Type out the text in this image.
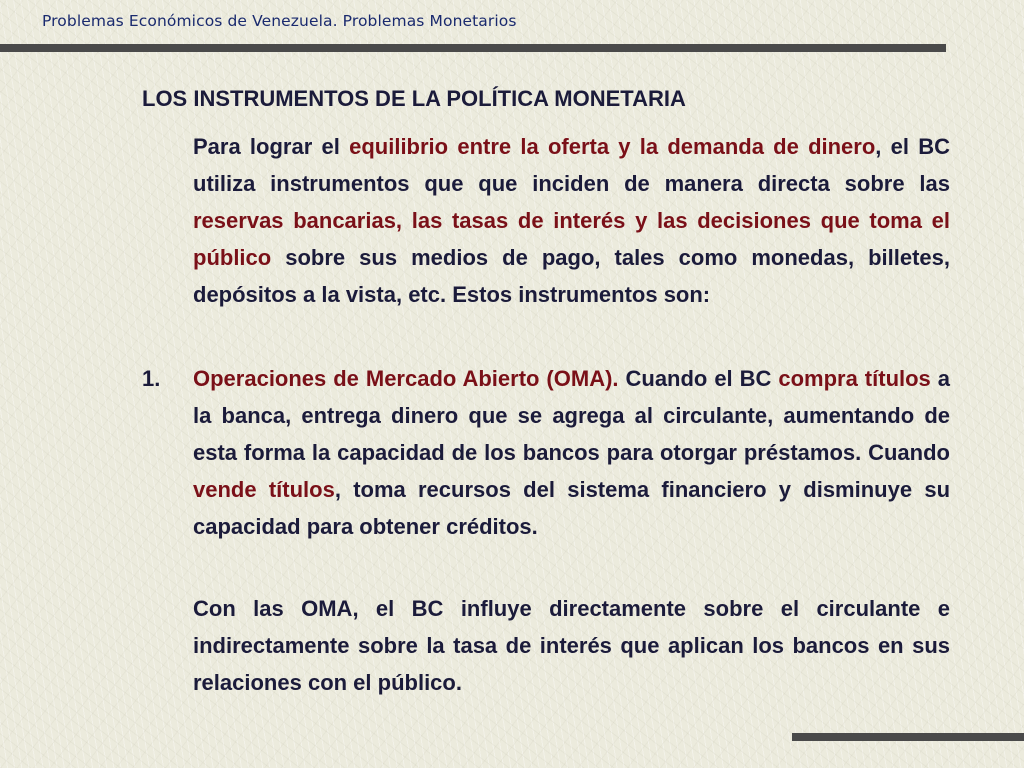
Problemas Económicos de Venezuela. Problemas Monetarios
LOS INSTRUMENTOS DE LA POLÍTICA MONETARIA

Para lograr el equilibrio entre la oferta y la demanda de dinero, el BC utiliza instrumentos que que inciden de manera directa sobre las reservas bancarias, las tasas de interés y las decisiones que toma el público sobre sus medios de pago, tales como monedas, billetes, depósitos a la vista, etc. Estos instrumentos son:

1. Operaciones de Mercado Abierto (OMA). Cuando el BC compra títulos a la banca, entrega dinero que se agrega al circulante, aumentando de esta forma la capacidad de los bancos para otorgar préstamos. Cuando vende títulos, toma recursos del sistema financiero y disminuye su capacidad para obtener créditos.

Con las OMA, el BC influye directamente sobre el circulante e indirectamente sobre la tasa de interés que aplican los bancos en sus relaciones con el público.
